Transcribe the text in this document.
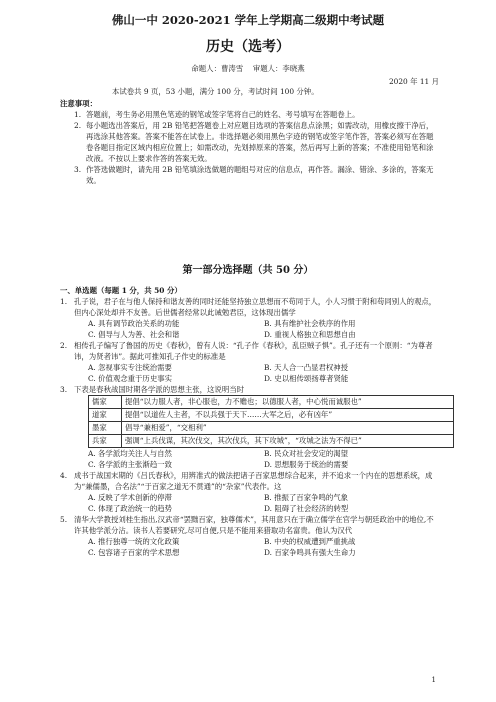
佛山一中 2020-2021 学年上学期高二级期中考试题
历史（选考）
命题人：曹涛雪　 审题人：李晓燕
2020 年 11 月
本试卷共 9 页，53 小题，满分 100 分，考试时间 100 分钟。
注意事项：

1. 答题前，考生务必用黑色笔迹的钢笔或签字笔将自己的姓名、考号填写在答题卷上。

2. 每小题选出答案后，用 2B 铅笔把答题卷上对应题目选项的答案信息点涂黑；如需改动，用橡皮擦干净后，再选涂其他答案。答案不能答在试卷上。非选择题必须用黑色字迹的钢笔或签字笔作答，答案必须写在答题卷各题目指定区域内相应位置上；如需改动，先划掉原来的答案，然后再写上新的答案；不准使用铅笔和涂改液。不按以上要求作答的答案无效。

3. 作答选做题时，请先用 2B 铅笔填涂选做题的题组号对应的信息点，再作答。漏涂、错涂、多涂的，答案无效。

第一部分选择题（共 50 分）
一、单选题（每题 1 分，共 50 分）
1. 孔子说，君子在与他人保持和谐友善的同时还能坚持独立思想而不苟同于人，小人习惯于附和苟同别人的观点，但内心深处却并不友善。后世儒者经常以此诫勉君臣，这体现出儒学
A. 具有调节政治关系的功能	B. 具有维护社会秩序的作用
C. 倡导与人为善、社会和谐	D. 重视人格独立和思想自由
2. 相传孔子编写了鲁国的历史《春秋》，曾有人说：“孔子作《春秋》，乱臣贼子惧”。孔子还有一个原则：“为尊者讳，为贤者讳”。据此可推知孔子作史的标准是
A. 忽视事实专注统治需要	B. 天人合一凸显君权神授
C. 价值观念重于历史事实	D. 史以相传颂扬尊者贤能
3. 下表是春秋战国时期各学派的思想主张，这说明当时
儒家	提倡“以力服人者，非心服也，力不赡也；以德服人者，中心悦而诚服也”
道家	提倡“以道佐人主者，不以兵强于天下……大军之后，必有凶年”
墨家	倡导“兼相爱”，“交相利”
兵家	强调“上兵伐谋，其次伐交，其次伐兵，其下攻城”，“攻城之法为不得已”
A. 各学派均关注人与自然	B. 民众对社会安定的渴望
C. 各学派的主张渐趋一致	D. 思想服务于统治的需要
4. 成书于战国末期的《吕氏春秋》，用辨准式的做法把诸子百家思想综合起来，并不追求一个内在的思想系统，成为“兼儒墨，合名法”“于百家之道无不贯通”的“杂家”代表作。这
A. 反映了学术创新的停滞	B. 推振了百家争鸣的气象
C. 体现了政治统一的趋势	D. 阻碍了社会经济的转型
5. 清华大学教授刘桂生指出,汉武帝“罢黜百家，独尊儒术”，其用意只在于确立儒学在官学与朝廷政治中的地位,不许其他学派分沾。读书人若要研究,尽可自便,只是不能用来猎取功名富贵。他认为汉代
A. 推行独尊一统的文化政策	B. 中央的权威遭到严重挑战
C. 包容诸子百家的学术思想	D. 百家争鸣具有强大生命力
1
